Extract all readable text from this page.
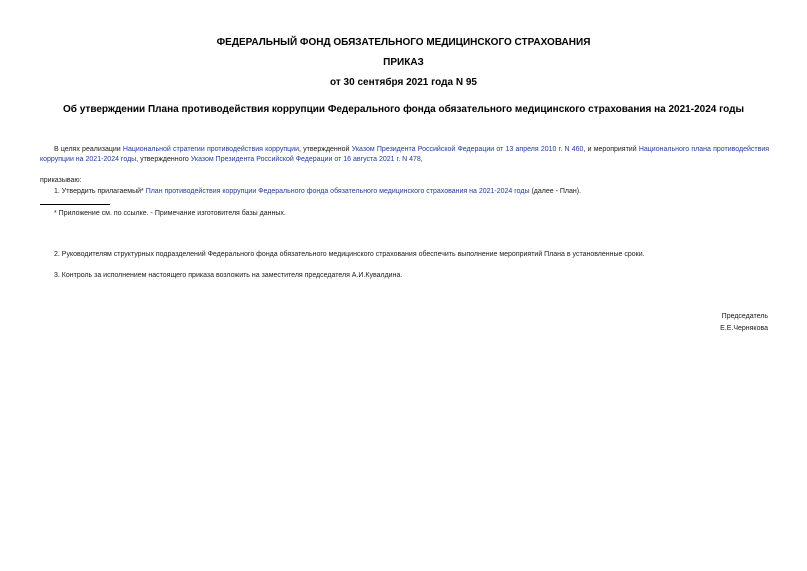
ФЕДЕРАЛЬНЫЙ ФОНД ОБЯЗАТЕЛЬНОГО МЕДИЦИНСКОГО СТРАХОВАНИЯ
ПРИКАЗ
от 30 сентября 2021 года N 95
Об утверждении Плана противодействия коррупции Федерального фонда обязательного медицинского страхования на 2021-2024 годы
В целях реализации Национальной стратегии противодействия коррупции, утвержденной Указом Президента Российской Федерации от 13 апреля 2010 г. N 460, и мероприятий Национального плана противодействия коррупции на 2021-2024 годы, утвержденного Указом Президента Российской Федерации от 16 августа 2021 г. N 478,
приказываю:
1. Утвердить прилагаемый* План противодействия коррупции Федерального фонда обязательного медицинского страхования на 2021-2024 годы (далее - План).
* Приложение см. по ссылке. - Примечание изготовителя базы данных.
2. Руководителям структурных подразделений Федерального фонда обязательного медицинского страхования обеспечить выполнение мероприятий Плана в установленные сроки.
3. Контроль за исполнением настоящего приказа возложить на заместителя председателя А.И.Кувалдина.
Председатель
Е.Е.Чернякова
